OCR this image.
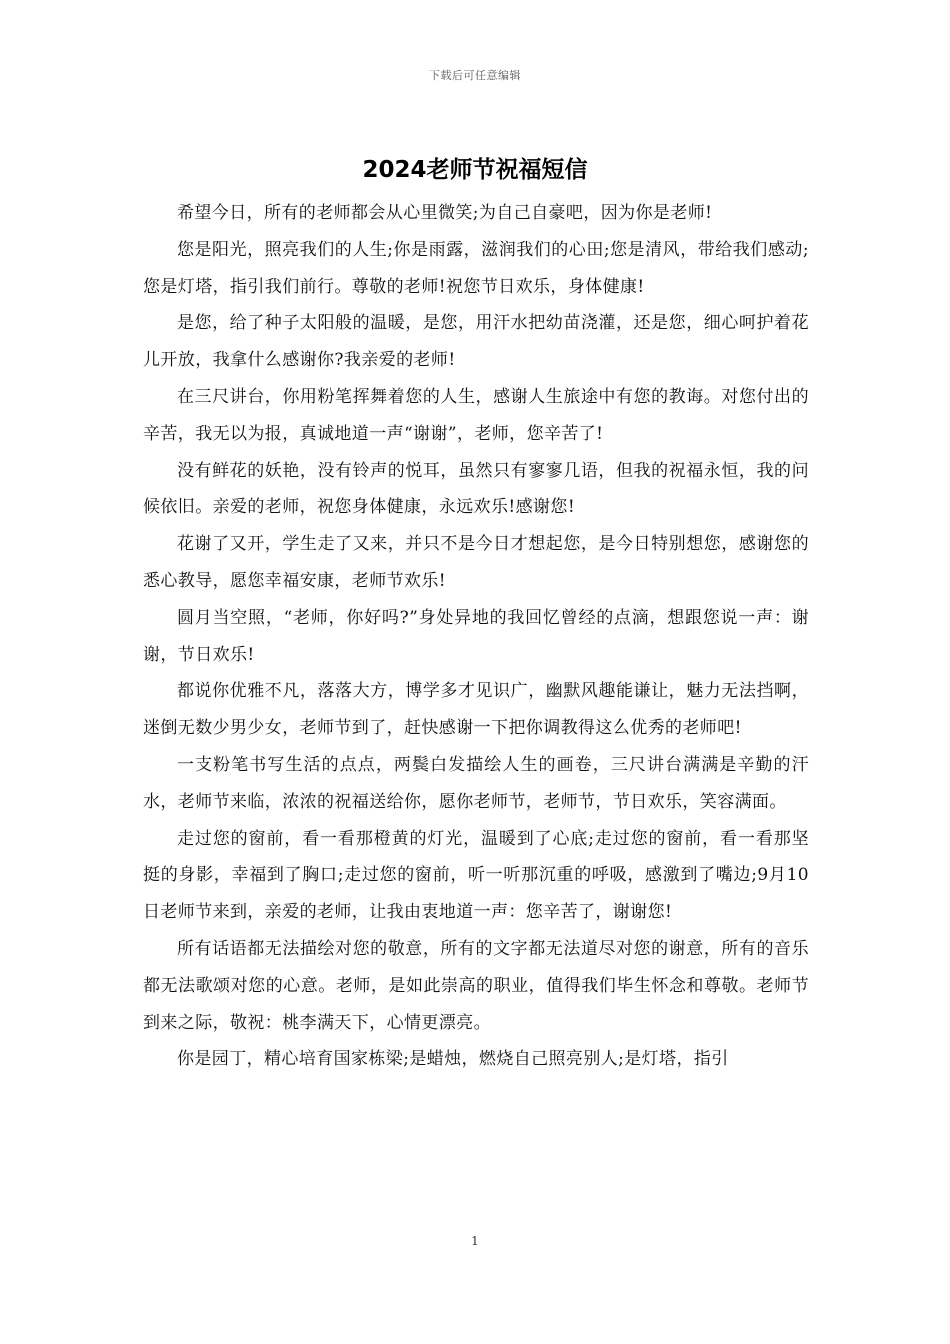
下载后可任意编辑
2024老师节祝福短信

希望今日，所有的老师都会从心里微笑;为自己自豪吧，因为你是老师!

您是阳光，照亮我们的人生;你是雨露，滋润我们的心田;您是清风，带给我们感动;您是灯塔，指引我们前行。尊敬的老师!祝您节日欢乐，身体健康!

是您，给了种子太阳般的温暖，是您，用汗水把幼苗浇灌，还是您，细心呵护着花儿开放，我拿什么感谢你?我亲爱的老师!

在三尺讲台，你用粉笔挥舞着您的人生，感谢人生旅途中有您的教诲。对您付出的辛苦，我无以为报，真诚地道一声“谢谢”，老师，您辛苦了!

没有鲜花的妖艳，没有铃声的悦耳，虽然只有寥寥几语，但我的祝福永恒，我的问候依旧。亲爱的老师，祝您身体健康，永远欢乐!感谢您!

花谢了又开，学生走了又来，并只不是今日才想起您，是今日特别想您，感谢您的悉心教导，愿您幸福安康，老师节欢乐!

圆月当空照，“老师，你好吗?”身处异地的我回忆曾经的点滴，想跟您说一声：谢谢，节日欢乐!

都说你优雅不凡，落落大方，博学多才见识广，幽默风趣能谦让，魅力无法挡啊，迷倒无数少男少女，老师节到了，赶快感谢一下把你调教得这么优秀的老师吧!

一支粉笔书写生活的点点，两鬓白发描绘人生的画卷，三尺讲台满满是辛勤的汗水，老师节来临，浓浓的祝福送给你，愿你老师节，老师节，节日欢乐，笑容满面。

走过您的窗前，看一看那橙黄的灯光，温暖到了心底;走过您的窗前，看一看那坚挺的身影，幸福到了胸口;走过您的窗前，听一听那沉重的呼吸，感激到了嘴边;9月10日老师节来到，亲爱的老师，让我由衷地道一声：您辛苦了，谢谢您!

所有话语都无法描绘对您的敬意，所有的文字都无法道尽对您的谢意，所有的音乐都无法歌颂对您的心意。老师，是如此崇高的职业，值得我们毕生怀念和尊敬。老师节到来之际，敬祝：桃李满天下，心情更漂亮。

你是园丁，精心培育国家栋梁;是蜡烛，燃烧自己照亮别人;是灯塔，指引

1
